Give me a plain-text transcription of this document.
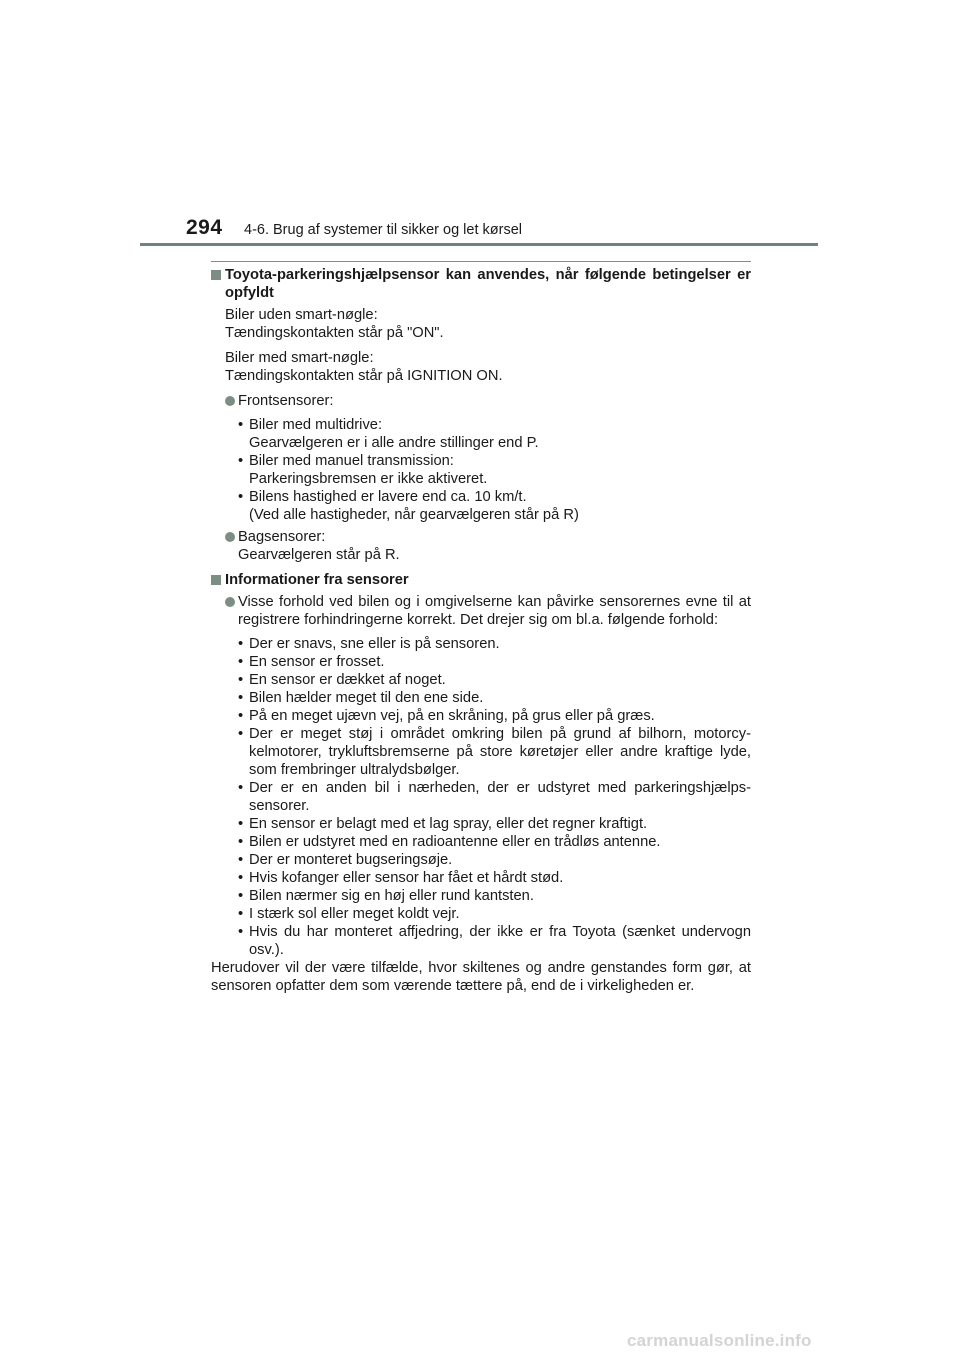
294 4-6. Brug af systemer til sikker og let kørsel
Toyota-parkeringshjælpsensor kan anvendes, når følgende betingelser er opfyldt
Biler uden smart-nøgle:
Tændingskontakten står på "ON".
Biler med smart-nøgle:
Tændingskontakten står på IGNITION ON.
Frontsensorer:
• Biler med multidrive:
Gearvælgeren er i alle andre stillinger end P.
• Biler med manuel transmission:
Parkeringsbremsen er ikke aktiveret.
• Bilens hastighed er lavere end ca. 10 km/t.
(Ved alle hastigheder, når gearvælgeren står på R)
Bagsensorer:
Gearvælgeren står på R.
Informationer fra sensorer
Visse forhold ved bilen og i omgivelserne kan påvirke sensorernes evne til at registrere forhindringerne korrekt. Det drejer sig om bl.a. følgende forhold:
• Der er snavs, sne eller is på sensoren.
• En sensor er frosset.
• En sensor er dækket af noget.
• Bilen hælder meget til den ene side.
• På en meget ujævn vej, på en skråning, på grus eller på græs.
• Der er meget støj i området omkring bilen på grund af bilhorn, motorcy-kelmotorer, trykluftsbremserne på store køretøjer eller andre kraftige lyde, som frembringer ultralydsbølger.
• Der er en anden bil i nærheden, der er udstyret med parkeringshjælps-sensorer.
• En sensor er belagt med et lag spray, eller det regner kraftigt.
• Bilen er udstyret med en radioantenne eller en trådløs antenne.
• Der er monteret bugseringsøje.
• Hvis kofanger eller sensor har fået et hårdt stød.
• Bilen nærmer sig en høj eller rund kantsten.
• I stærk sol eller meget koldt vejr.
• Hvis du har monteret affjedring, der ikke er fra Toyota (sænket undervogn osv.).
Herudover vil der være tilfælde, hvor skiltenes og andre genstandes form gør, at sensoren opfatter dem som værende tættere på, end de i virkeligheden er.
carmanualsonline.info
